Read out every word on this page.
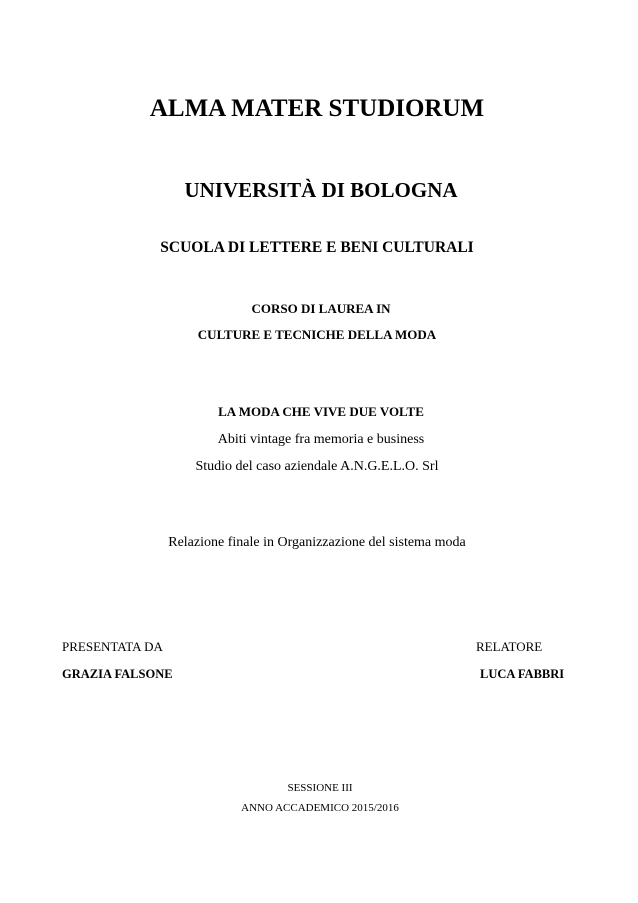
ALMA MATER STUDIORUM
UNIVERSITÀ DI BOLOGNA
SCUOLA DI LETTERE E BENI CULTURALI
CORSO DI LAUREA IN
CULTURE E TECNICHE DELLA MODA
LA MODA CHE VIVE DUE VOLTE
Abiti vintage fra memoria e business
Studio del caso aziendale A.N.G.E.L.O. Srl
Relazione finale in Organizzazione del sistema moda
PRESENTATA DA
GRAZIA FALSONE
RELATORE
LUCA FABBRI
SESSIONE III
ANNO ACCADEMICO 2015/2016
